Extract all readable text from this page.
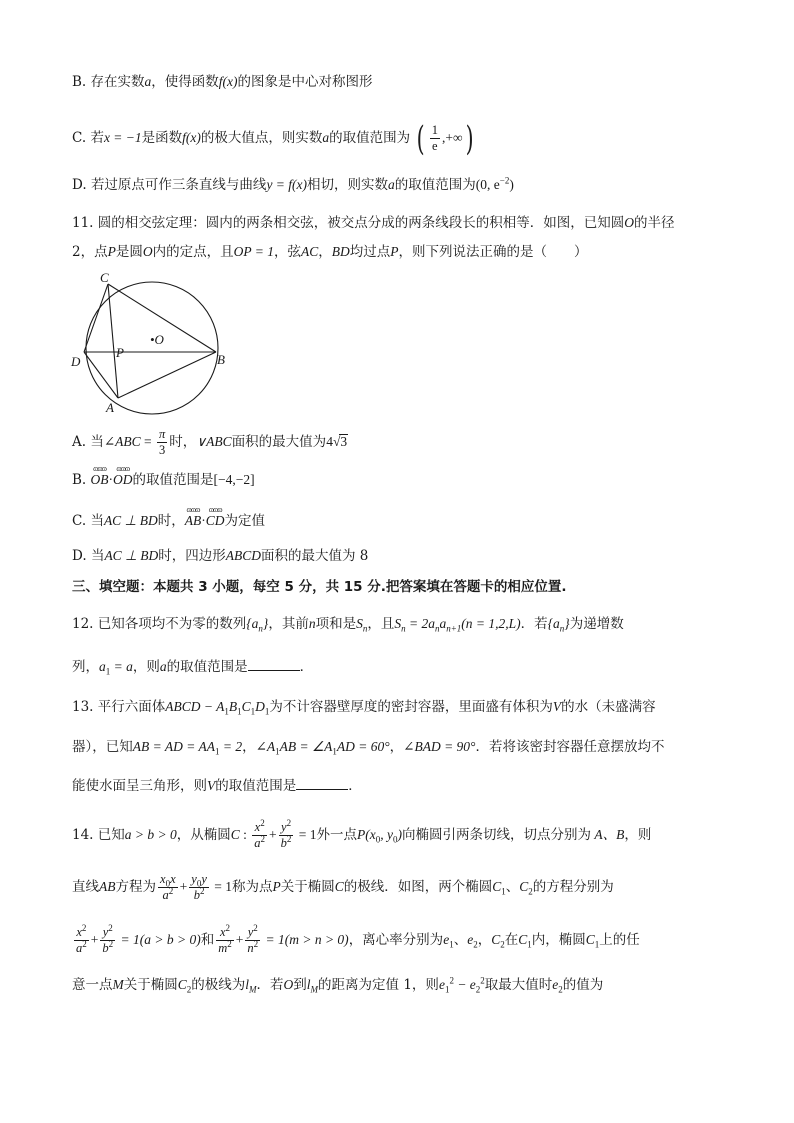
B. 存在实数a，使得函数f(x)的图象是中心对称图形
C. 若x = −1是函数f(x)的极大值点，则实数a的取值范围为 ( $\frac{1}{e}$ ,+∞)
D. 若过原点可作三条直线与曲线y = f(x)相切，则实数a的取值范围为(0, $e^{-2}$)
11. 圆的相交弦定理：圆内的两条相交弦，被交点分成的两条线段长的积相等．如图，已知圆O的半径
2，点P是圆O内的定点，且OP = 1，弦AC，BD均过点P，则下列说法正确的是（　　）
C
D
P
•O
B
A
A. 当∠ABC = $\frac{\pi}{3}$ 时，∨ABC面积的最大值为4√3
B.
ɷɷɷ
OB ·
ɷɷɷ
OD 的取值范围是[−4,−2]
C. 当AC ⊥ BD时，
ɷɷɷ
AB ·
ɷɷɷ
CD 为定值
D. 当AC ⊥ BD时，四边形ABCD面积的最大值为 8
三、填空题：本题共 3 小题，每空 5 分，共 15 分.把答案填在答题卡的相应位置.
12. 已知各项均不为零的数列$\{a_n\}$，其前n项和是$S_n$，且$S_n = 2a_na_{n+1}(n = 1,2,L)$．若$\{a_n\}$为递增数
列，$a_1 = a$，则a的取值范围是	．
13. 平行六面体ABCD − $A_1B_1C_1D_1$为不计容器壁厚度的密封容器，里面盛有体积为V的水（未盛满容
器），已知AB = AD = $AA_1 = 2$，$\angle A_1AB$ = $\angle A_1AD = 60^\circ$，∠BAD = 90°．若将该密封容器任意摆放均不
能使水面呈三角形，则V的取值范围是	．
14. 已知a > b > 0，从椭圆C : $\frac{x^2}{a^2} + \frac{y^2}{b^2} = 1$外一点$P(x_0$, $y_0$)向椭圆引两条切线，切点分别为 A、B，则
直线AB方程为 $\frac{x_0x}{a^2} + \frac{y_0y}{b^2} = 1$称为点P关于椭圆C的极线．如图，两个椭圆$C_1$、$C_2$的方程分别为
$\frac{x^2}{a^2} + \frac{y^2}{b^2} = 1(a > b > 0)$和 $\frac{x^2}{m^2} + \frac{y^2}{n^2} = 1(m > n > 0)$，离心率分别为$e_1$、$e_2$，$C_2$在$C_1$内，椭圆$C_1$上的任
意一点M关于椭圆$C_2$的极线为$l_M$．若O到$l_M$的距离为定值 1，则$e_1^2 - e_2^2$取最大值时$e_2$的值为
